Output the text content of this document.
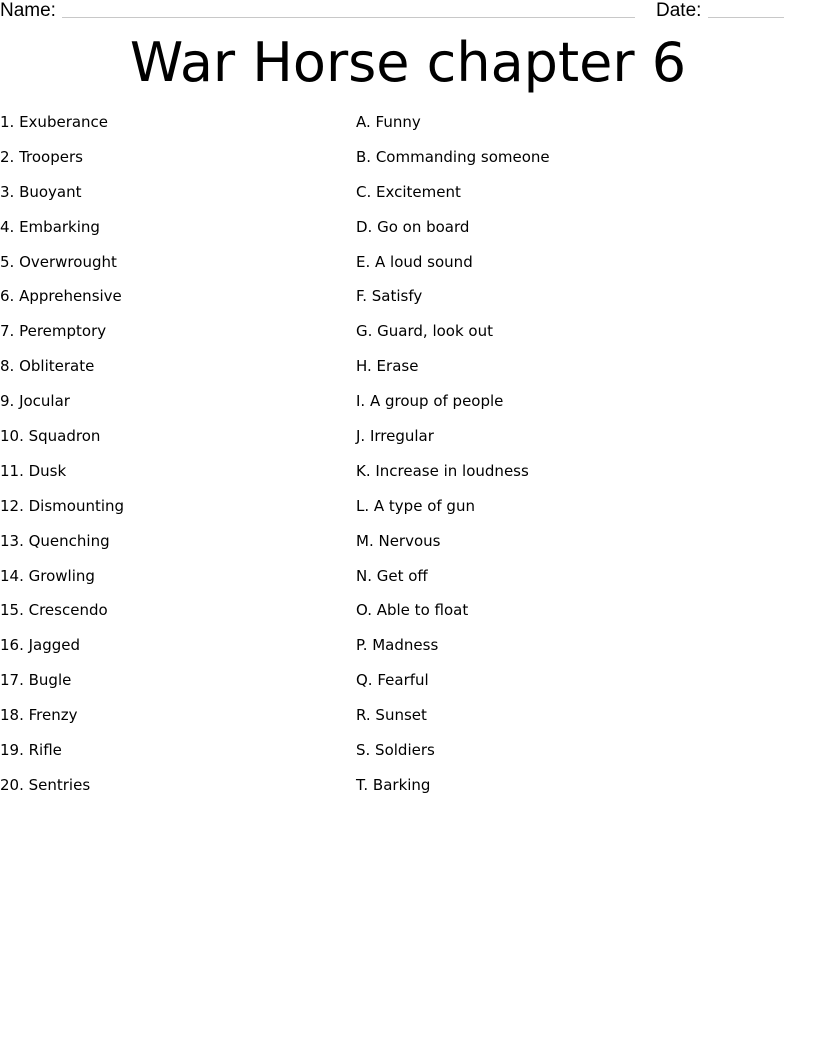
Name:	Date:
War Horse chapter 6
1. Exuberance
2. Troopers
3. Buoyant
4. Embarking
5. Overwrought
6. Apprehensive
7. Peremptory
8. Obliterate
9. Jocular
10. Squadron
11. Dusk
12. Dismounting
13. Quenching
14. Growling
15. Crescendo
16. Jagged
17. Bugle
18. Frenzy
19. Rifle
20. Sentries
A. Funny
B. Commanding someone
C. Excitement
D. Go on board
E. A loud sound
F. Satisfy
G. Guard, look out
H. Erase
I. A group of people
J. Irregular
K. Increase in loudness
L. A type of gun
M. Nervous
N. Get off
O. Able to float
P. Madness
Q. Fearful
R. Sunset
S. Soldiers
T. Barking
